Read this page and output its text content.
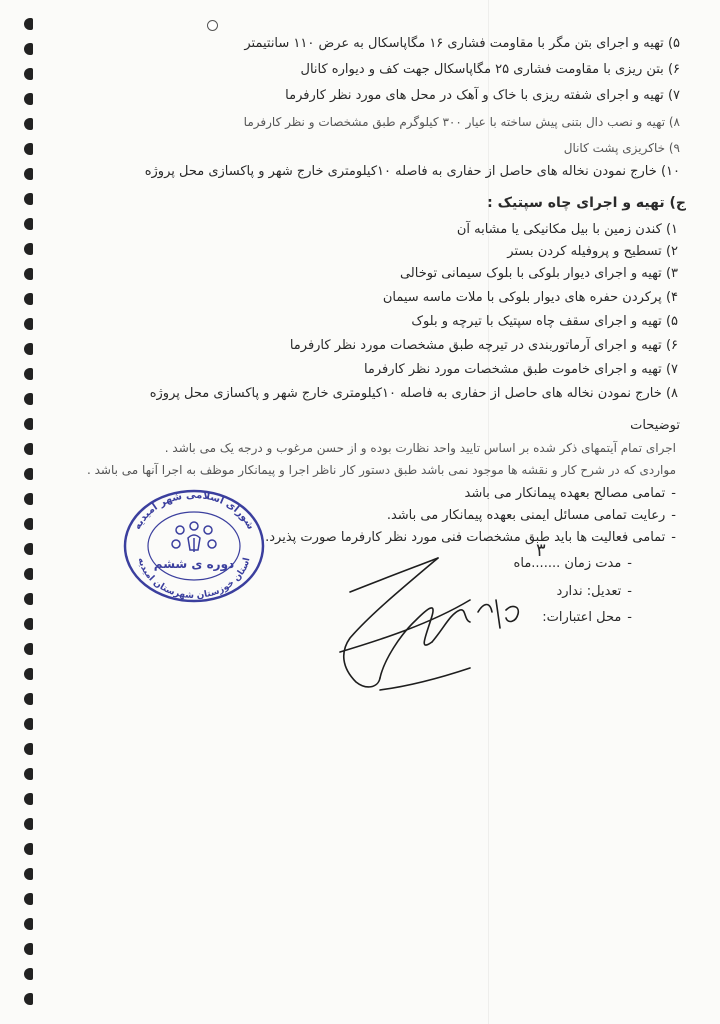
۵) تهیه و اجرای بتن مگر با مقاومت فشاری ۱۶ مگاپاسکال به عرض ۱۱۰ سانتیمتر
۶) بتن ریزی با مقاومت فشاری ۲۵ مگاپاسکال جهت کف و دیواره کانال
۷) تهیه و اجرای شفته ریزی با خاک و آهک در محل های مورد نظر کارفرما
۸) تهیه و نصب دال بتنی پیش ساخته با عیار ۳۰۰ کیلوگرم طبق مشخصات و نظر کارفرما
۹) خاکریزی پشت کانال
۱۰) خارج نمودن نخاله های حاصل از حفاری به فاصله ۱۰کیلومتری خارج شهر و پاکسازی محل پروژه
ج) تهیه و اجرای چاه سپتیک :
۱) کندن زمین با بیل مکانیکی یا مشابه آن
۲) تسطیح و پروفیله کردن بستر
۳) تهیه و اجرای دیوار بلوکی با بلوک سیمانی توخالی
۴) پرکردن حفره های دیوار بلوکی با ملات ماسه سیمان
۵) تهیه و اجرای سقف چاه سپتیک با تیرچه و بلوک
۶) تهیه و اجرای آرماتوربندی در تیرچه طبق مشخصات مورد نظر کارفرما
۷) تهیه و اجرای خاموت طبق مشخصات مورد نظر کارفرما
۸) خارج نمودن نخاله های حاصل از حفاری به فاصله ۱۰کیلومتری خارج شهر و پاکسازی محل پروژه
توضیحات
اجرای تمام آیتمهای ذکر شده بر اساس تایید واحد نظارت بوده و از حسن مرغوب و درجه یک می باشد .
مواردی که در شرح کار و نقشه ها موجود نمی باشد طبق دستور کار ناظر اجرا و پیمانکار موظف به اجرا آنها می باشد .
-تمامی مصالح بعهده پیمانکار می باشد
-رعایت تمامی مسائل ایمنی بعهده پیمانکار می باشد.
-تمامی فعالیت ها باید طبق مشخصات فنی مورد نظر کارفرما صورت پذیرد.
-مدت زمان .......ماه
۳
-تعدیل: ندارد
-محل اعتبارات:
شورای اسلامی شهر امیدیه
استان خوزستان شهرستان امیدیه
دوره ی ششم
